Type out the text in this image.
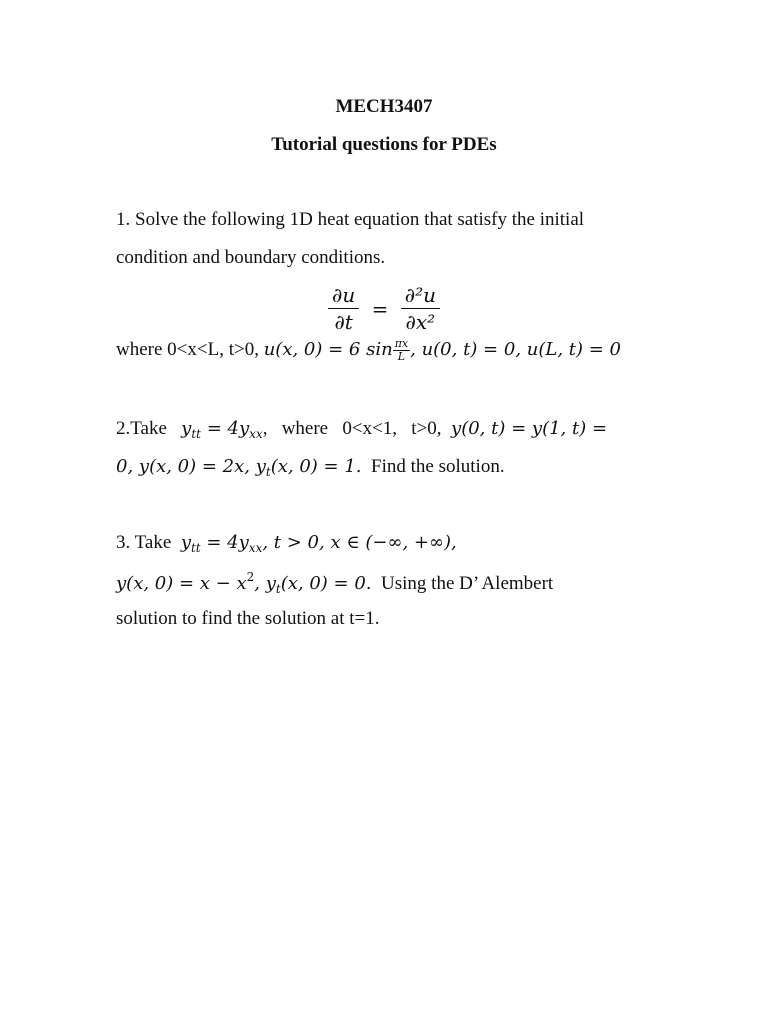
MECH3407
Tutorial questions for PDEs
1. Solve the following 1D heat equation that satisfy the initial
condition and boundary conditions.
$\frac{\partial u}{\partial t} = \frac{\text{∂²u}}{\text{∂x²}}$
where 0<x<L, t>0, u(x, 0) = 6 $\sin \frac{\pi x}{L}$ , u(0, t) = 0, u(L, t) = 0
2.Take $y_{tt} = 4y_{xx}$,   where   0<x<1,   t>0, y(0, t) = y(1, t) =
0, y(x, 0) = 2x, $y_t(x$, 0) = 1. Find the solution.
3. Take $y_{tt} = 4y_{xx}$, t > 0, x ∈ (−∞, +∞),
y(x, $0) = x - x^2$, $y_t(x$, 0) = 0. Using the D’ Alembert
solution to find the solution at t=1.
